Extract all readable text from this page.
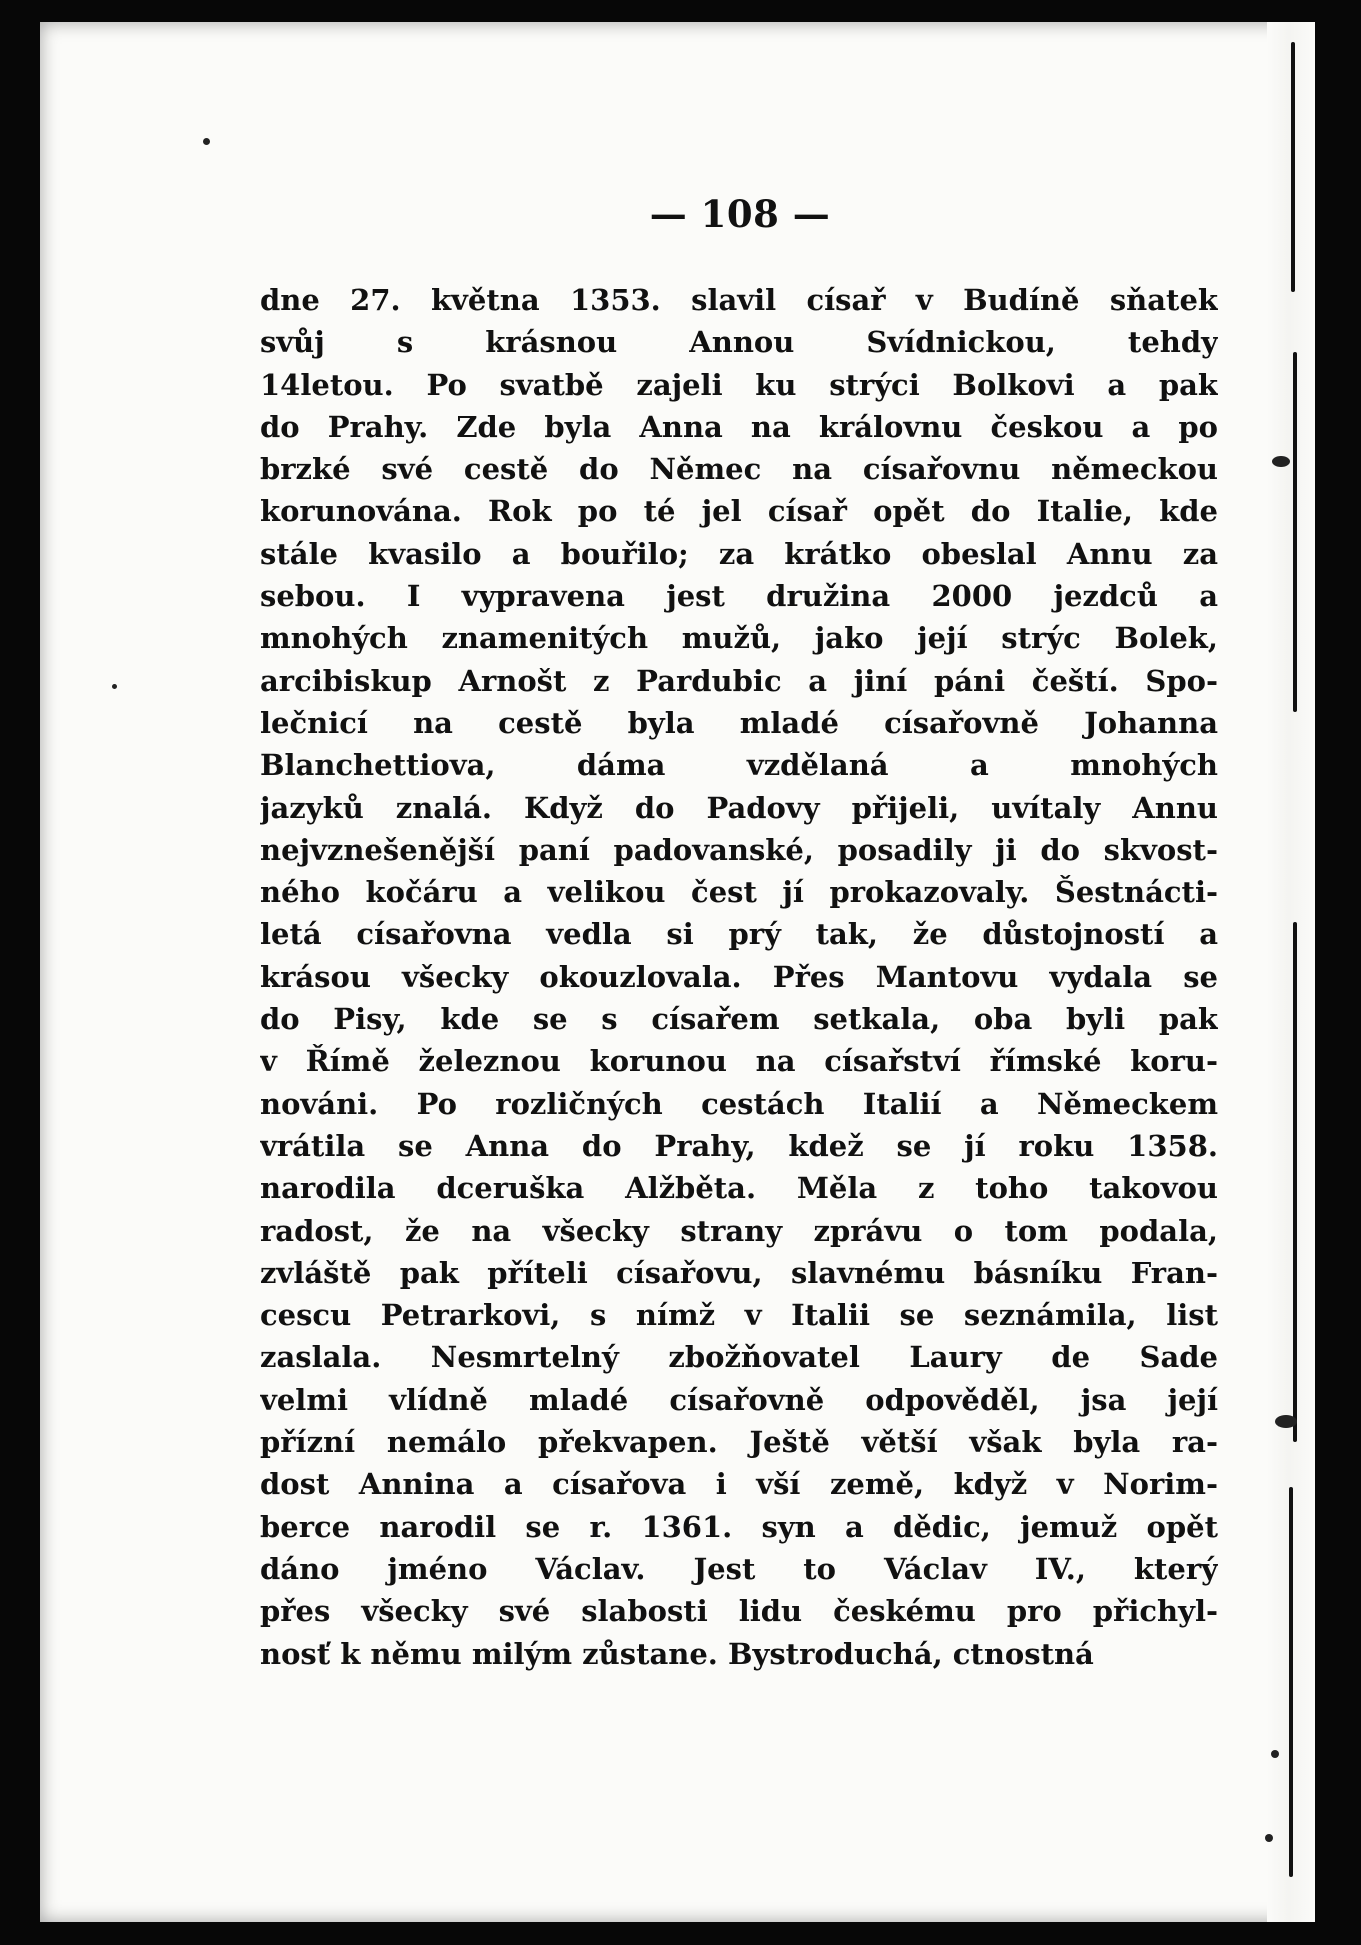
— 108 —
dne 27. května 1353. slavil císař v Budíně sňatek
svůj s krásnou Annou Svídnickou, tehdy
14letou. Po svatbě zajeli ku strýci Bolkovi a pak
do Prahy. Zde byla Anna na královnu českou a po
brzké své cestě do Němec na císařovnu německou
korunována. Rok po té jel císař opět do Italie, kde
stále kvasilo a bouřilo; za krátko obeslal Annu za
sebou. I vypravena jest družina 2000 jezdců a
mnohých znamenitých mužů, jako její strýc Bolek,
arcibiskup Arnošt z Pardubic a jiní páni čeští. Spo-
lečnicí na cestě byla mladé císařovně Johanna
Blanchettiova, dáma vzdělaná a mnohých
jazyků znalá. Když do Padovy přijeli, uvítaly Annu
nejvznešenější paní padovanské, posadily ji do skvost-
ného kočáru a velikou čest jí prokazovaly. Šestnácti-
letá císařovna vedla si prý tak, že důstojností a
krásou všecky okouzlovala. Přes Mantovu vydala se
do Pisy, kde se s císařem setkala, oba byli pak
v Římě železnou korunou na císařství římské koru-
nováni. Po rozličných cestách Italií a Německem
vrátila se Anna do Prahy, kdež se jí roku 1358.
narodila dceruška Alžběta. Měla z toho takovou
radost, že na všecky strany zprávu o tom podala,
zvláště pak příteli císařovu, slavnému básníku Fran-
cescu Petrarkovi, s nímž v Italii se seznámila, list
zaslala. Nesmrtelný zbožňovatel Laury de Sade
velmi vlídně mladé císařovně odpověděl, jsa její
přízní nemálo překvapen. Ještě větší však byla ra-
dost Annina a císařova i vší země, když v Norim-
berce narodil se r. 1361. syn a dědic, jemuž opět
dáno jméno Václav. Jest to Václav IV., který
přes všecky své slabosti lidu českému pro přichyl-
nosť k němu milým zůstane. Bystroduchá, ctnostná
